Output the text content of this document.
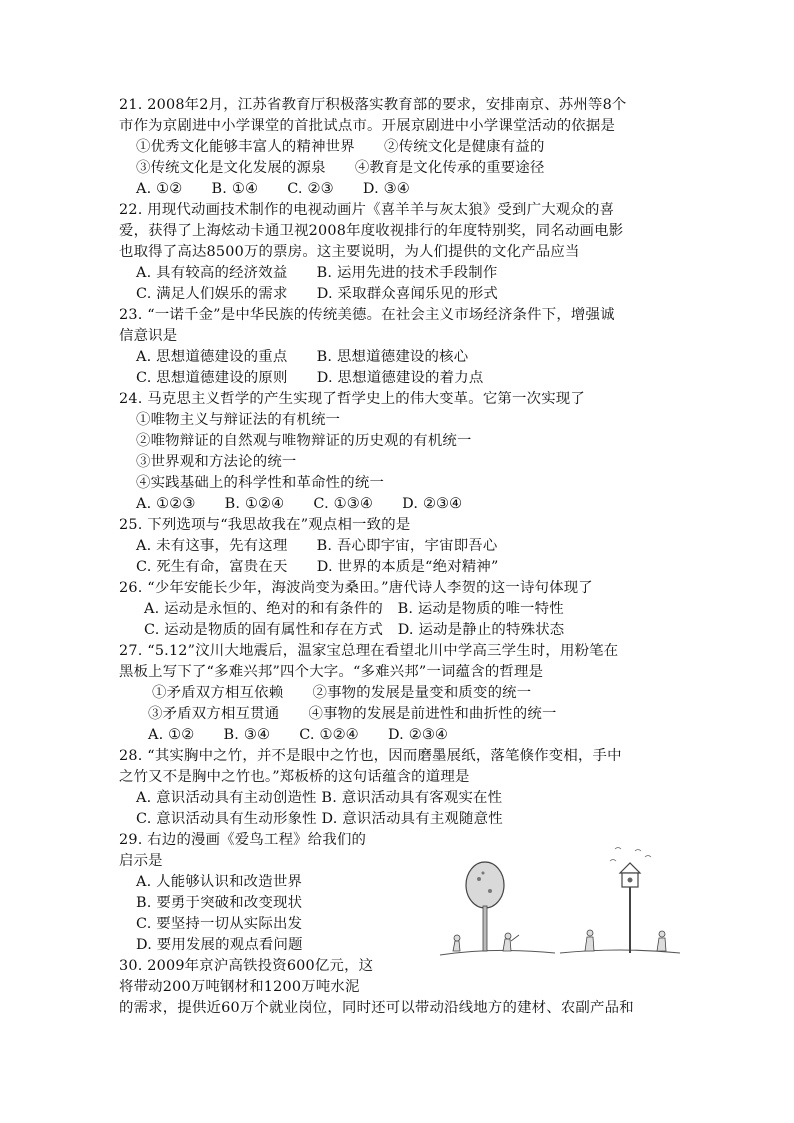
21. 2008年2月，江苏省教育厅积极落实教育部的要求，安排南京、苏州等8个
市作为京剧进中小学课堂的首批试点市。开展京剧进中小学课堂活动的依据是
①优秀文化能够丰富人的精神世界　　②传统文化是健康有益的
③传统文化是文化发展的源泉　　④教育是文化传承的重要途径
A. ①②　　B. ①④　　C. ②③　　D. ③④
22. 用现代动画技术制作的电视动画片《喜羊羊与灰太狼》受到广大观众的喜
爱，获得了上海炫动卡通卫视2008年度收视排行的年度特别奖，同名动画电影
也取得了高达8500万的票房。这主要说明，为人们提供的文化产品应当
A. 具有较高的经济效益　　B. 运用先进的技术手段制作
C. 满足人们娱乐的需求　　D. 采取群众喜闻乐见的形式
23. “一诺千金”是中华民族的传统美德。在社会主义市场经济条件下，增强诚
信意识是
A. 思想道德建设的重点　　B. 思想道德建设的核心
C. 思想道德建设的原则　　D. 思想道德建设的着力点
24. 马克思主义哲学的产生实现了哲学史上的伟大变革。它第一次实现了
①唯物主义与辩证法的有机统一
②唯物辩证的自然观与唯物辩证的历史观的有机统一
③世界观和方法论的统一
④实践基础上的科学性和革命性的统一
A. ①②③　　B. ①②④　　C. ①③④　　D. ②③④
25. 下列选项与“我思故我在”观点相一致的是
A. 未有这事，先有这理　　B. 吾心即宇宙，宇宙即吾心
C. 死生有命，富贵在天　　D. 世界的本质是“绝对精神”
26. “少年安能长少年，海波尚变为桑田。”唐代诗人李贺的这一诗句体现了
A. 运动是永恒的、绝对的和有条件的　B. 运动是物质的唯一特性
C. 运动是物质的固有属性和存在方式　D. 运动是静止的特殊状态
27. “5.12”汶川大地震后，温家宝总理在看望北川中学高三学生时，用粉笔在
黑板上写下了“多难兴邦”四个大字。“多难兴邦”一词蕴含的哲理是
①矛盾双方相互依赖　　②事物的发展是量变和质变的统一
③矛盾双方相互贯通　　④事物的发展是前进性和曲折性的统一
A. ①②　　B. ③④　　C. ①②④　　D. ②③④
28. “其实胸中之竹，并不是眼中之竹也，因而磨墨展纸，落笔倏作变相，手中
之竹又不是胸中之竹也。”郑板桥的这句话蕴含的道理是
A. 意识活动具有主动创造性 B. 意识活动具有客观实在性
C. 意识活动具有生动形象性 D. 意识活动具有主观随意性
29. 右边的漫画《爱鸟工程》给我们的
启示是
A. 人能够认识和改造世界
B. 要勇于突破和改变现状
C. 要坚持一切从实际出发
D. 要用发展的观点看问题
30. 2009年京沪高铁投资600亿元，这
将带动200万吨钢材和1200万吨水泥
的需求，提供近60万个就业岗位，同时还可以带动沿线地方的建材、农副产品和
